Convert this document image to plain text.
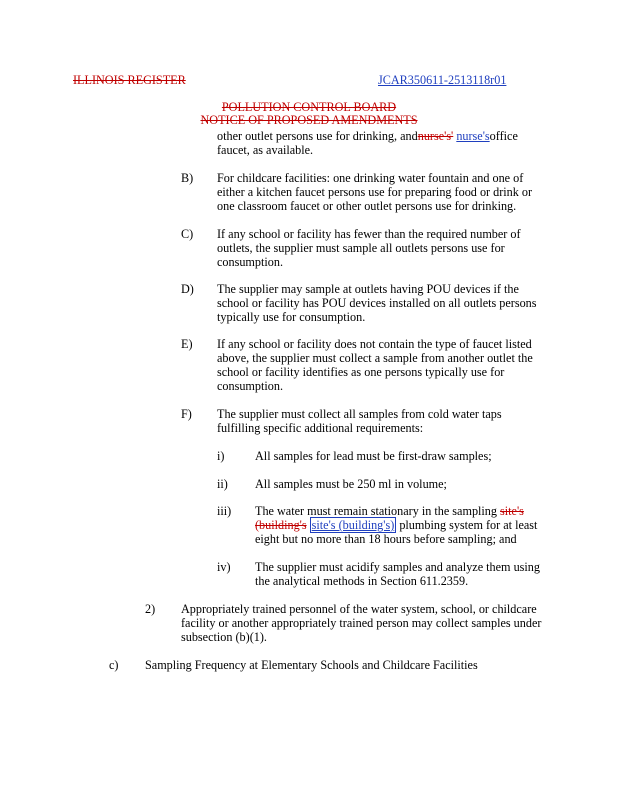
ILLINOIS REGISTER	JCAR350611-2513118r01
POLLUTION CONTROL BOARD
NOTICE OF PROPOSED AMENDMENTS
other outlet persons use for drinking, andnurse's' nurse'soffice
faucet, as available.
B) For childcare facilities: one drinking water fountain and one of
either a kitchen faucet persons use for preparing food or drink or
one classroom faucet or other outlet persons use for drinking.
C) If any school or facility has fewer than the required number of
outlets, the supplier must sample all outlets persons use for
consumption.
D) The supplier may sample at outlets having POU devices if the
school or facility has POU devices installed on all outlets persons
typically use for consumption.
E) If any school or facility does not contain the type of faucet listed
above, the supplier must collect a sample from another outlet the
school or facility identifies as one persons typically use for
consumption.
F) The supplier must collect all samples from cold water taps
fulfilling specific additional requirements:
i)	All samples for lead must be first-draw samples;
ii) All samples must be 250 ml in volume;
iii) The water must remain stationary in the sampling site's
(building's site's (building's) plumbing system for at least
eight but no more than 18 hours before sampling; and
iv) The supplier must acidify samples and analyze them using
the analytical methods in Section 611.2359.
2) Appropriately trained personnel of the water system, school, or childcare
facility or another appropriately trained person may collect samples under
subsection (b)(1).
c) Sampling Frequency at Elementary Schools and Childcare Facilities
